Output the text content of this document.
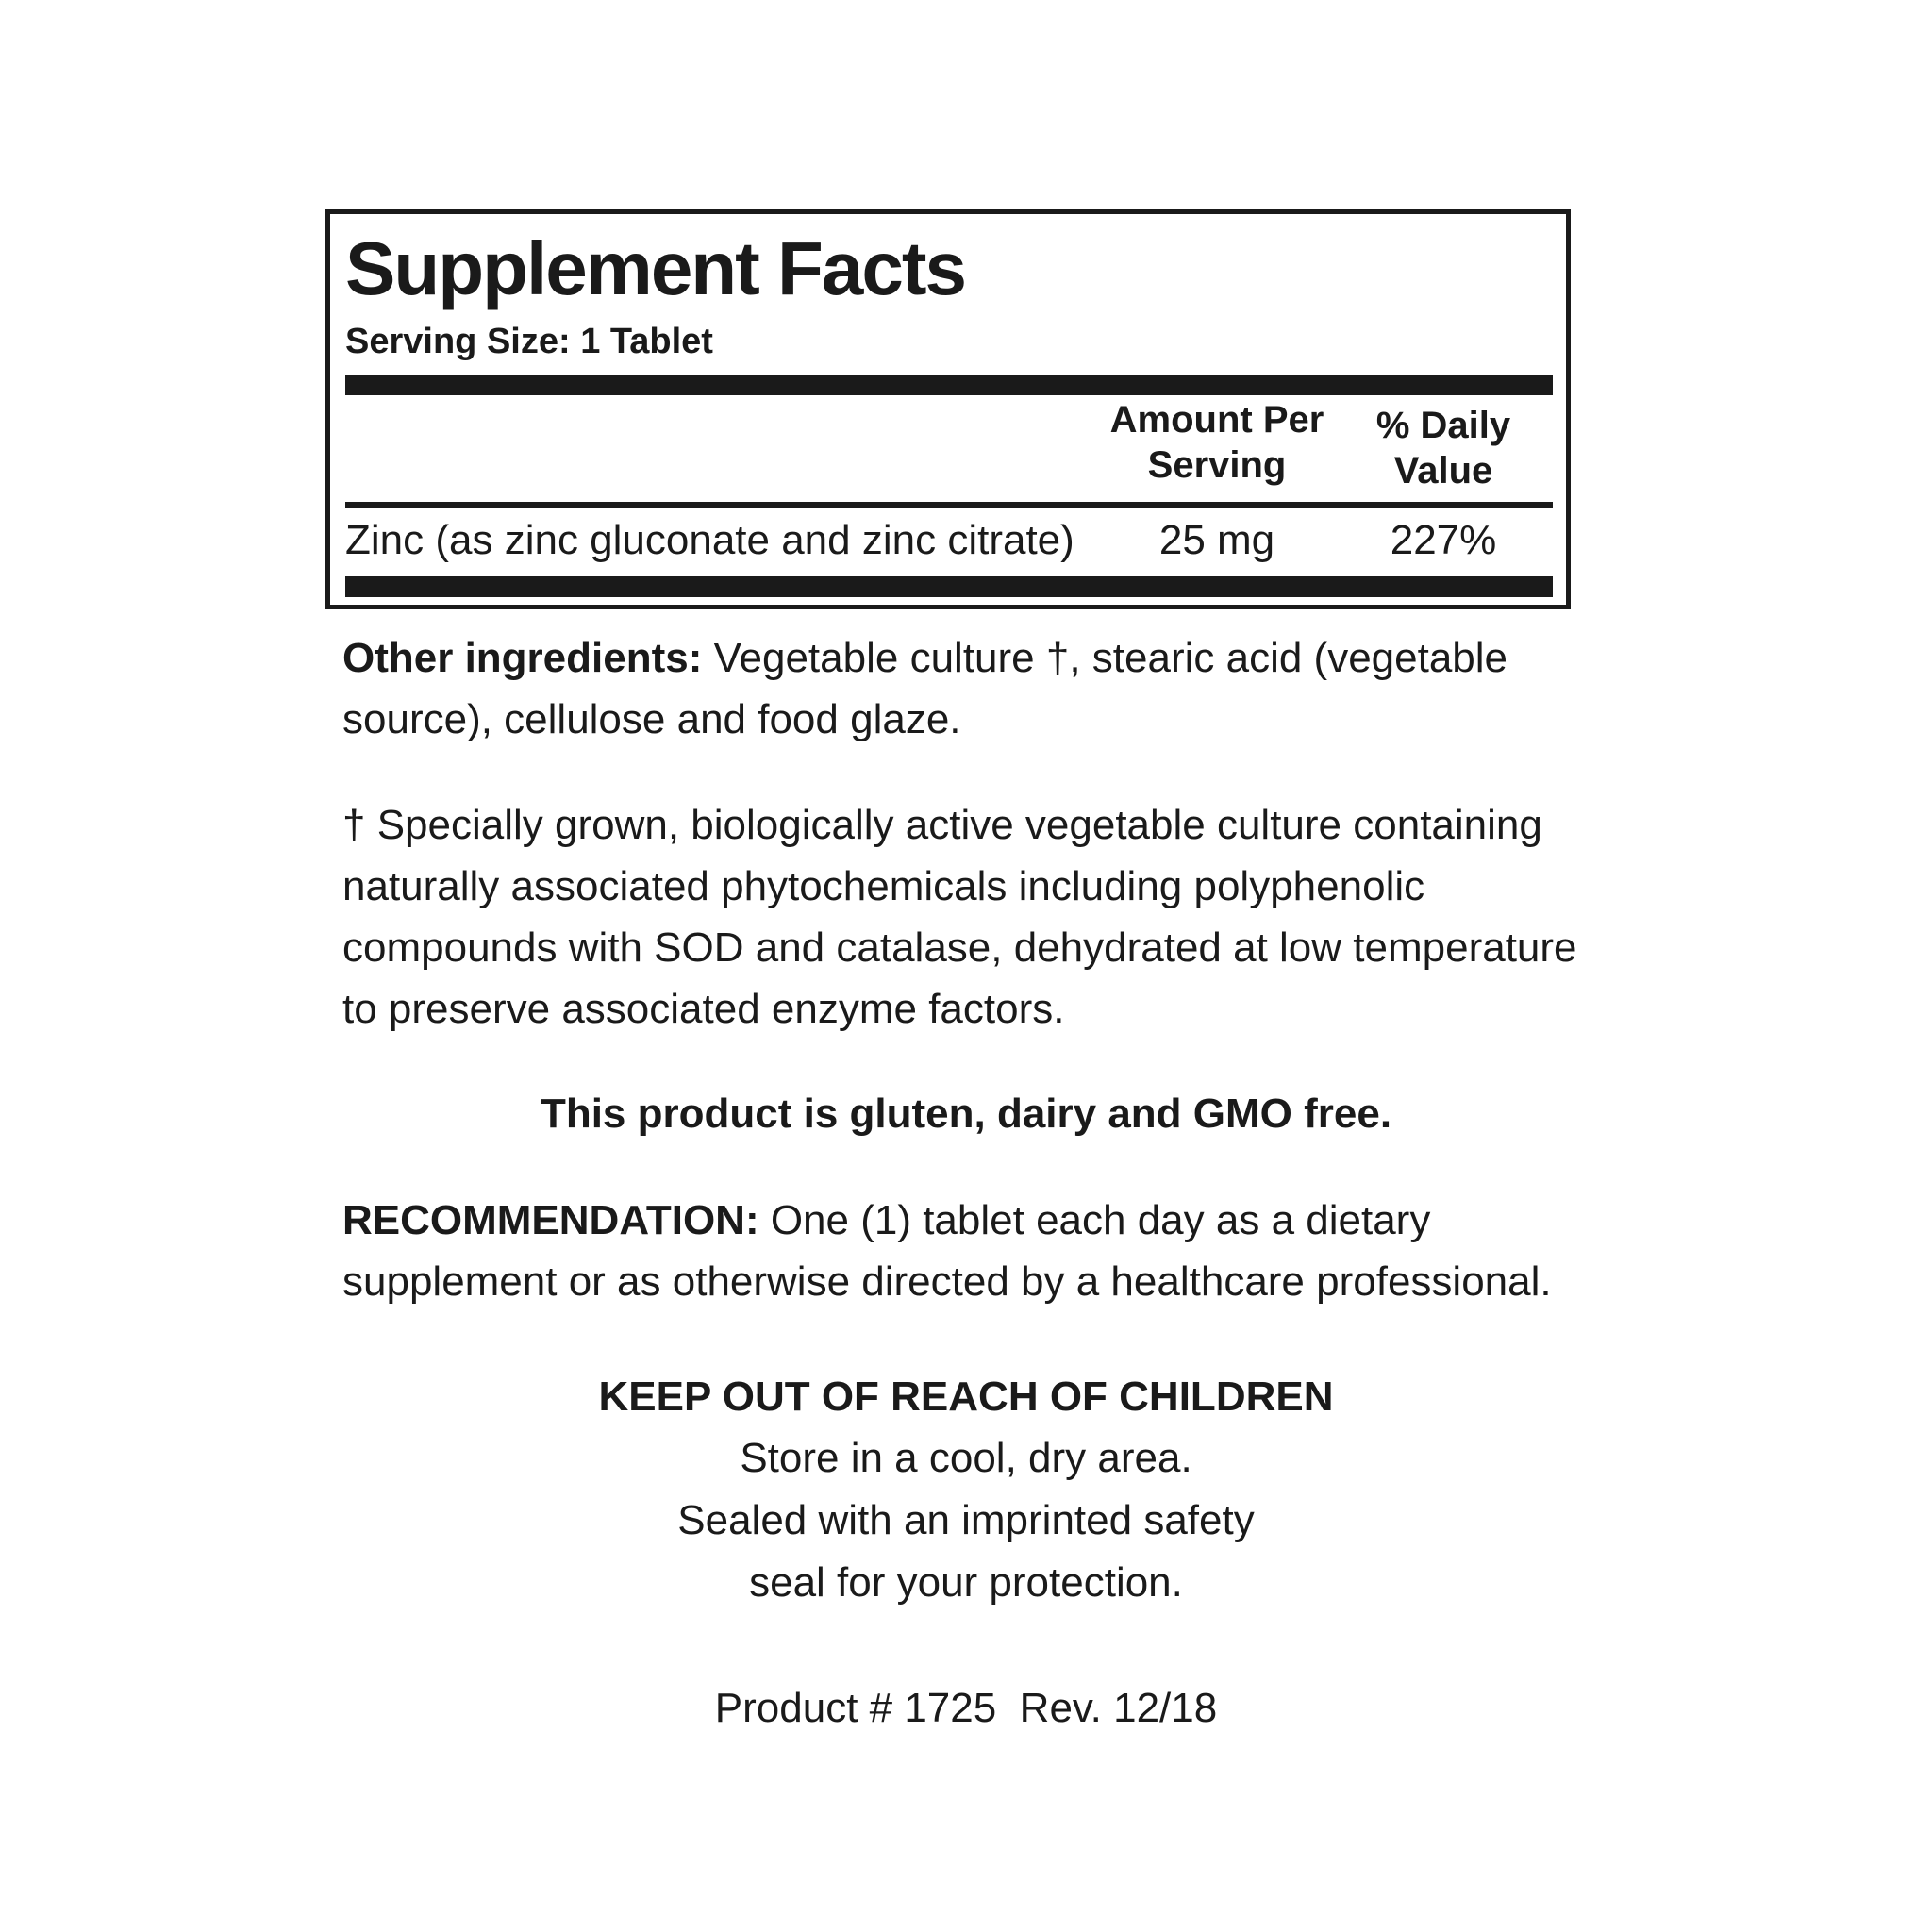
Supplement Facts
Serving Size: 1 Tablet
Amount Per
Serving
% Daily
Value
Zinc (as zinc gluconate and zinc citrate)	25 mg	227%
Other ingredients: Vegetable culture †, stearic acid (vegetable source), cellulose and food glaze.
† Specially grown, biologically active vegetable culture containing naturally associated phytochemicals including polyphenolic compounds with SOD and catalase, dehydrated at low temperature to preserve associated enzyme factors.
This product is gluten, dairy and GMO free.
RECOMMENDATION: One (1) tablet each day as a dietary supplement or as otherwise directed by a healthcare professional.
KEEP OUT OF REACH OF CHILDREN
Store in a cool, dry area.
Sealed with an imprinted safety
seal for your protection.
Product # 1725  Rev. 12/18
